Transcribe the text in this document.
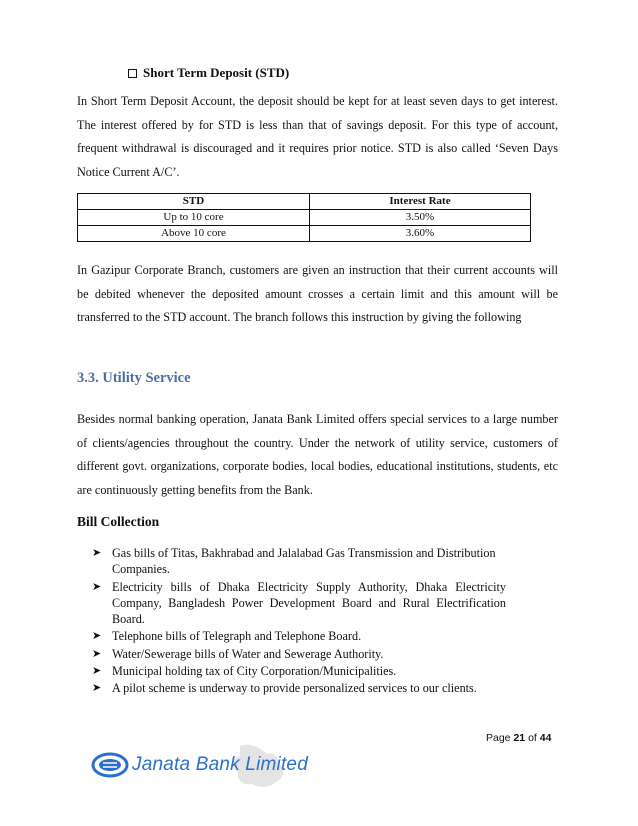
Short Term Deposit (STD)

In Short Term Deposit Account, the deposit should be kept for at least seven days to get interest. The interest offered by for STD is less than that of savings deposit. For this type of account, frequent withdrawal is discouraged and it requires prior notice. STD is also called ‘Seven Days Notice Current A/C’.

STD	Interest Rate
Up to 10 core	3.50%
Above 10 core	3.60%

In Gazipur Corporate Branch, customers are given an instruction that their current accounts will be debited whenever the deposited amount crosses a certain limit and this amount will be transferred to the STD account. The branch follows this instruction by giving the following

3.3. Utility Service

Besides normal banking operation, Janata Bank Limited offers special services to a large number of clients/agencies throughout the country. Under the network of utility service, customers of different govt. organizations, corporate bodies, local bodies, educational institutions, students, etc are continuously getting benefits from the Bank.

Bill Collection
➤ Gas bills of Titas, Bakhrabad and Jalalabad Gas Transmission and Distribution Companies.
➤ Electricity bills of Dhaka Electricity Supply Authority, Dhaka Electricity Company, Bangladesh Power Development Board and Rural Electrification Board.
➤ Telephone bills of Telegraph and Telephone Board.
➤ Water/Sewerage bills of Water and Sewerage Authority.
➤ Municipal holding tax of City Corporation/Municipalities.
➤ A pilot scheme is underway to provide personalized services to our clients.
Page 21 of 44
Janata Bank Limited
